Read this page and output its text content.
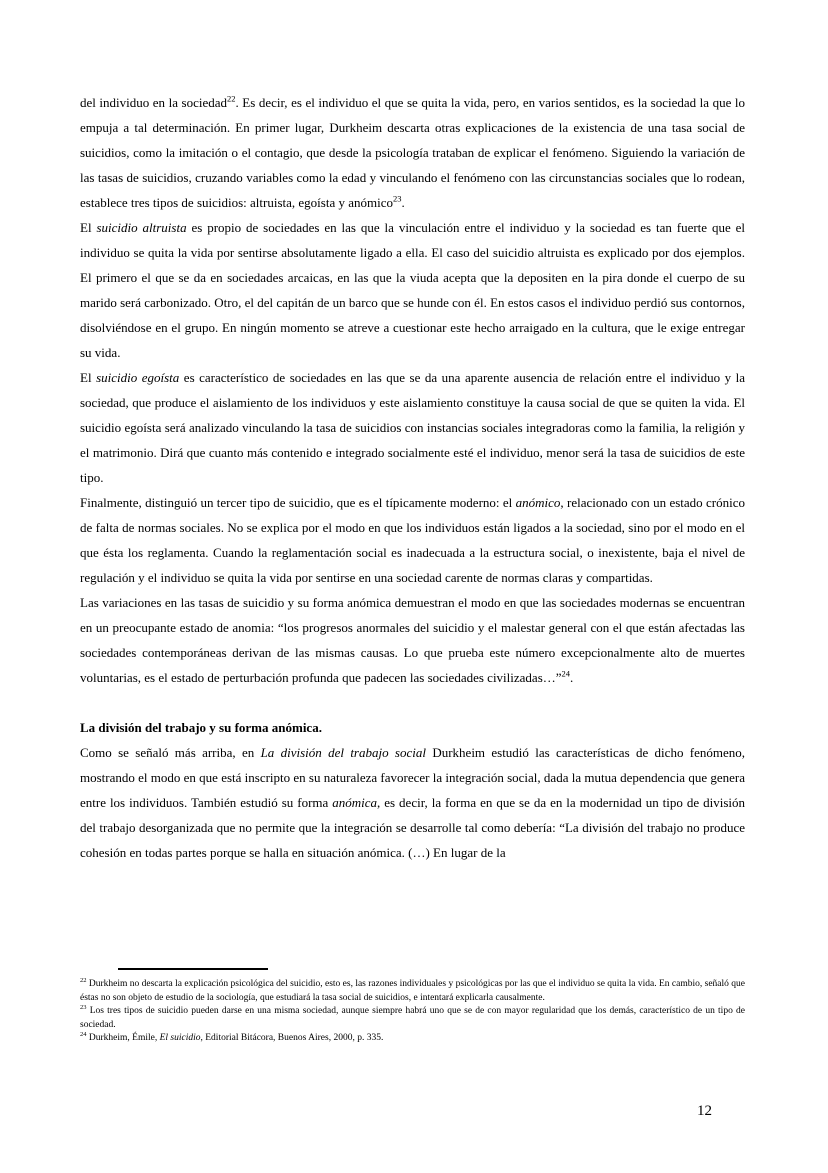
del individuo en la sociedad$^{22}$. Es decir, es el individuo el que se quita la vida, pero, en varios sentidos, es la sociedad la que lo empuja a tal determinación. En primer lugar, Durkheim descarta otras explicaciones de la existencia de una tasa social de suicidios, como la imitación o el contagio, que desde la psicología trataban de explicar el fenómeno. Siguiendo la variación de las tasas de suicidios, cruzando variables como la edad y vinculando el fenómeno con las circunstancias sociales que lo rodean, establece tres tipos de suicidios: altruista, egoísta y anómico$^{23}$.

El suicidio altruista es propio de sociedades en las que la vinculación entre el individuo y la sociedad es tan fuerte que el individuo se quita la vida por sentirse absolutamente ligado a ella. El caso del suicidio altruista es explicado por dos ejemplos. El primero el que se da en sociedades arcaicas, en las que la viuda acepta que la depositen en la pira donde el cuerpo de su marido será carbonizado. Otro, el del capitán de un barco que se hunde con él. En estos casos el individuo perdió sus contornos, disolviéndose en el grupo. En ningún momento se atreve a cuestionar este hecho arraigado en la cultura, que le exige entregar su vida.

El suicidio egoísta es característico de sociedades en las que se da una aparente ausencia de relación entre el individuo y la sociedad, que produce el aislamiento de los individuos y este aislamiento constituye la causa social de que se quiten la vida. El suicidio egoísta será analizado vinculando la tasa de suicidios con instancias sociales integradoras como la familia, la religión y el matrimonio. Dirá que cuanto más contenido e integrado socialmente esté el individuo, menor será la tasa de suicidios de este tipo.

Finalmente, distinguió un tercer tipo de suicidio, que es el típicamente moderno: el anómico, relacionado con un estado crónico de falta de normas sociales. No se explica por el modo en que los individuos están ligados a la sociedad, sino por el modo en el que ésta los reglamenta. Cuando la reglamentación social es inadecuada a la estructura social, o inexistente, baja el nivel de regulación y el individuo se quita la vida por sentirse en una sociedad carente de normas claras y compartidas.

Las variaciones en las tasas de suicidio y su forma anómica demuestran el modo en que las sociedades modernas se encuentran en un preocupante estado de anomia: “los progresos anormales del suicidio y el malestar general con el que están afectadas las sociedades contemporáneas derivan de las mismas causas. Lo que prueba este número excepcionalmente alto de muertes voluntarias, es el estado de perturbación profunda que padecen las sociedades civilizadas…”$^{24}$.

La división del trabajo y su forma anómica.

Como se señaló más arriba, en La división del trabajo social Durkheim estudió las características de dicho fenómeno, mostrando el modo en que está inscripto en su naturaleza favorecer la integración social, dada la mutua dependencia que genera entre los individuos. También estudió su forma anómica, es decir, la forma en que se da en la modernidad un tipo de división del trabajo desorganizada que no permite que la integración se desarrolle tal como debería: “La división del trabajo no produce cohesión en todas partes porque se halla en situación anómica. (…) En lugar de la

$^{22}$ Durkheim no descarta la explicación psicológica del suicidio, esto es, las razones individuales y psicológicas por las que el individuo se quita la vida. En cambio, señaló que éstas no son objeto de estudio de la sociología, que estudiará la tasa social de suicidios, e intentará explicarla causalmente.

$^{23}$ Los tres tipos de suicidio pueden darse en una misma sociedad, aunque siempre habrá uno que se de con mayor regularidad que los demás, característico de un tipo de sociedad.

$^{24}$ Durkheim, Émile, El suicidio, Editorial Bitácora, Buenos Aires, 2000, p. 335.

12
